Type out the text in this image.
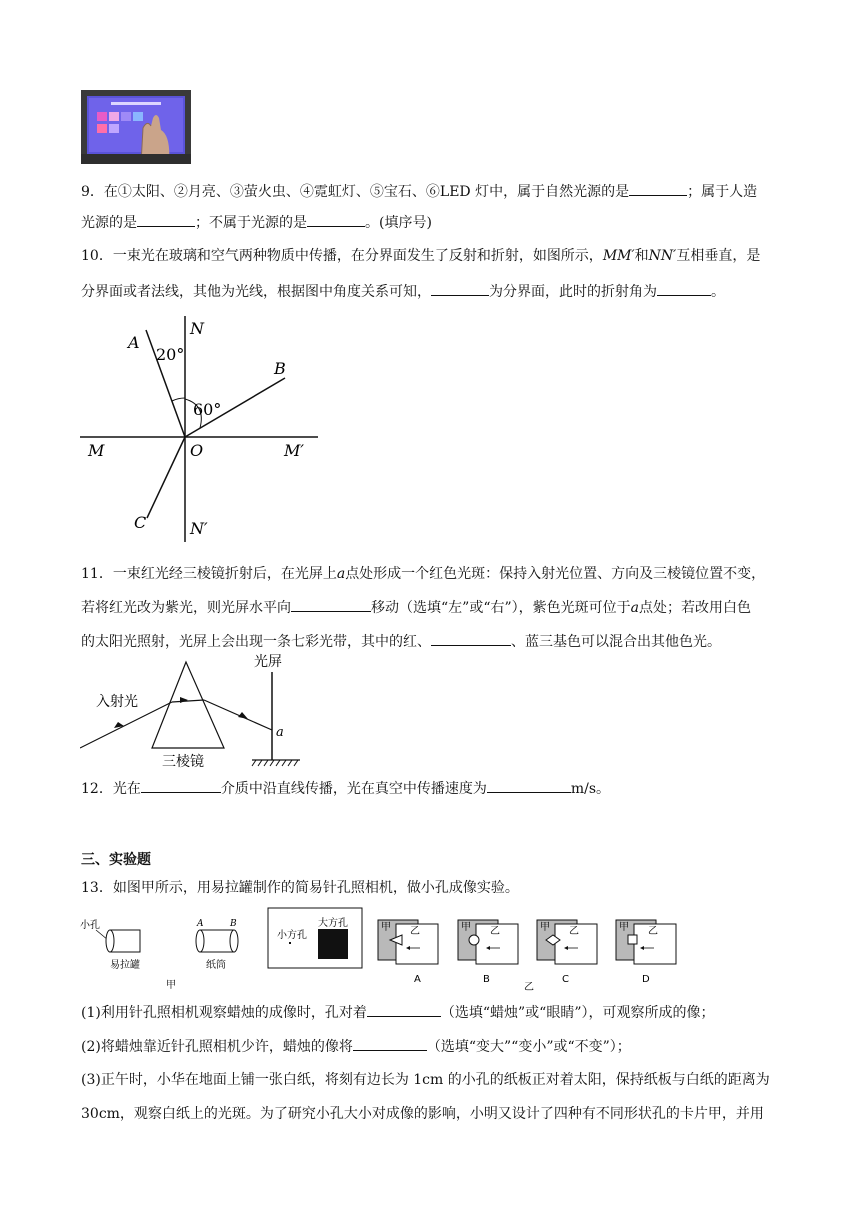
9．在①太阳、②月亮、③萤火虫、④霓虹灯、⑤宝石、⑥LED 灯中，属于自然光源的是	；属于人造
光源的是	；不属于光源的是	。(填序号)
10．一束光在玻璃和空气两种物质中传播，在分界面发生了反射和折射，如图所示，MM′和NN′互相垂直，是
分界面或者法线，其他为光线，根据图中角度关系可知，	为分界面，此时的折射角为	。
A
N
20°
B
60°
M	O	M′
C	N′
11．一束红光经三棱镜折射后，在光屏上a点处形成一个红色光斑：保持入射光位置、方向及三棱镜位置不变，
若将红光改为紫光，则光屏水平向	移动（选填“左”或“右”），紫色光斑可位于a点处；若改用白色
的太阳光照射，光屏上会出现一条七彩光带，其中的红、	、蓝三基色可以混合出其他色光。
入射光
光屏
三棱镜
a
12．光在	介质中沿直线传播，光在真空中传播速度为	m/s。
三、实验题
13．如图甲所示，用易拉罐制作的简易针孔照相机，做小孔成像实验。
小孔
易拉罐
A	B
纸筒
小方孔
大方孔
甲
甲 乙
A
甲 乙
B
甲 乙
C
甲 乙
D
乙
(1)利用针孔照相机观察蜡烛的成像时，孔对着	（选填“蜡烛”或“眼睛”），可观察所成的像；
(2)将蜡烛靠近针孔照相机少许，蜡烛的像将	（选填“变大”“变小”或“不变”）；
(3)正午时，小华在地面上铺一张白纸，将刻有边长为 1cm 的小孔的纸板正对着太阳，保持纸板与白纸的距离为
30cm，观察白纸上的光斑。为了研究小孔大小对成像的影响，小明又设计了四种有不同形状孔的卡片甲，并用
